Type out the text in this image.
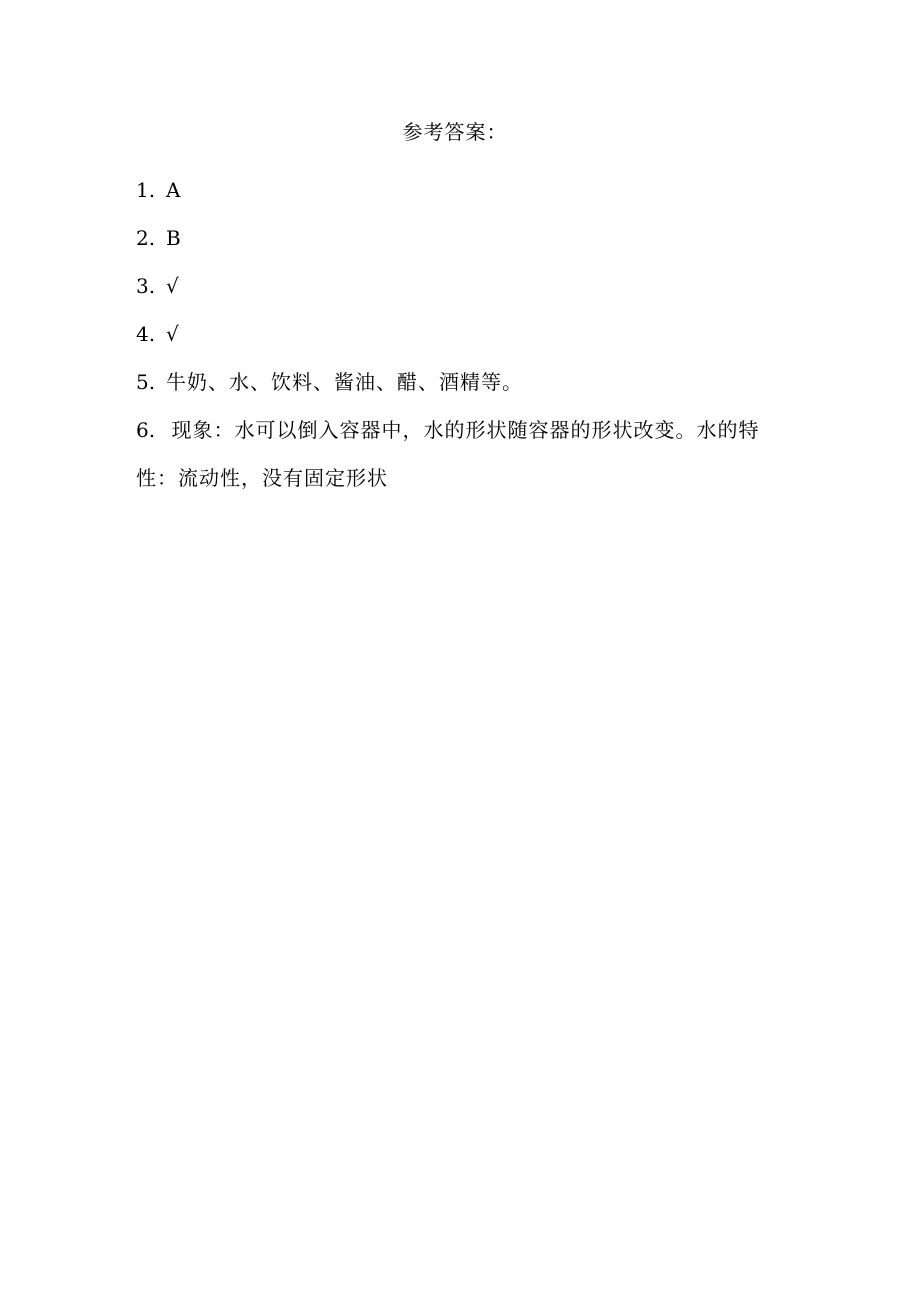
参考答案：
1. A
2. B
3. √
4. √
5. 牛奶、水、饮料、酱油、醋、酒精等。
6. 现象：水可以倒入容器中，水的形状随容器的形状改变。水的特性：流动性，没有固定形状
